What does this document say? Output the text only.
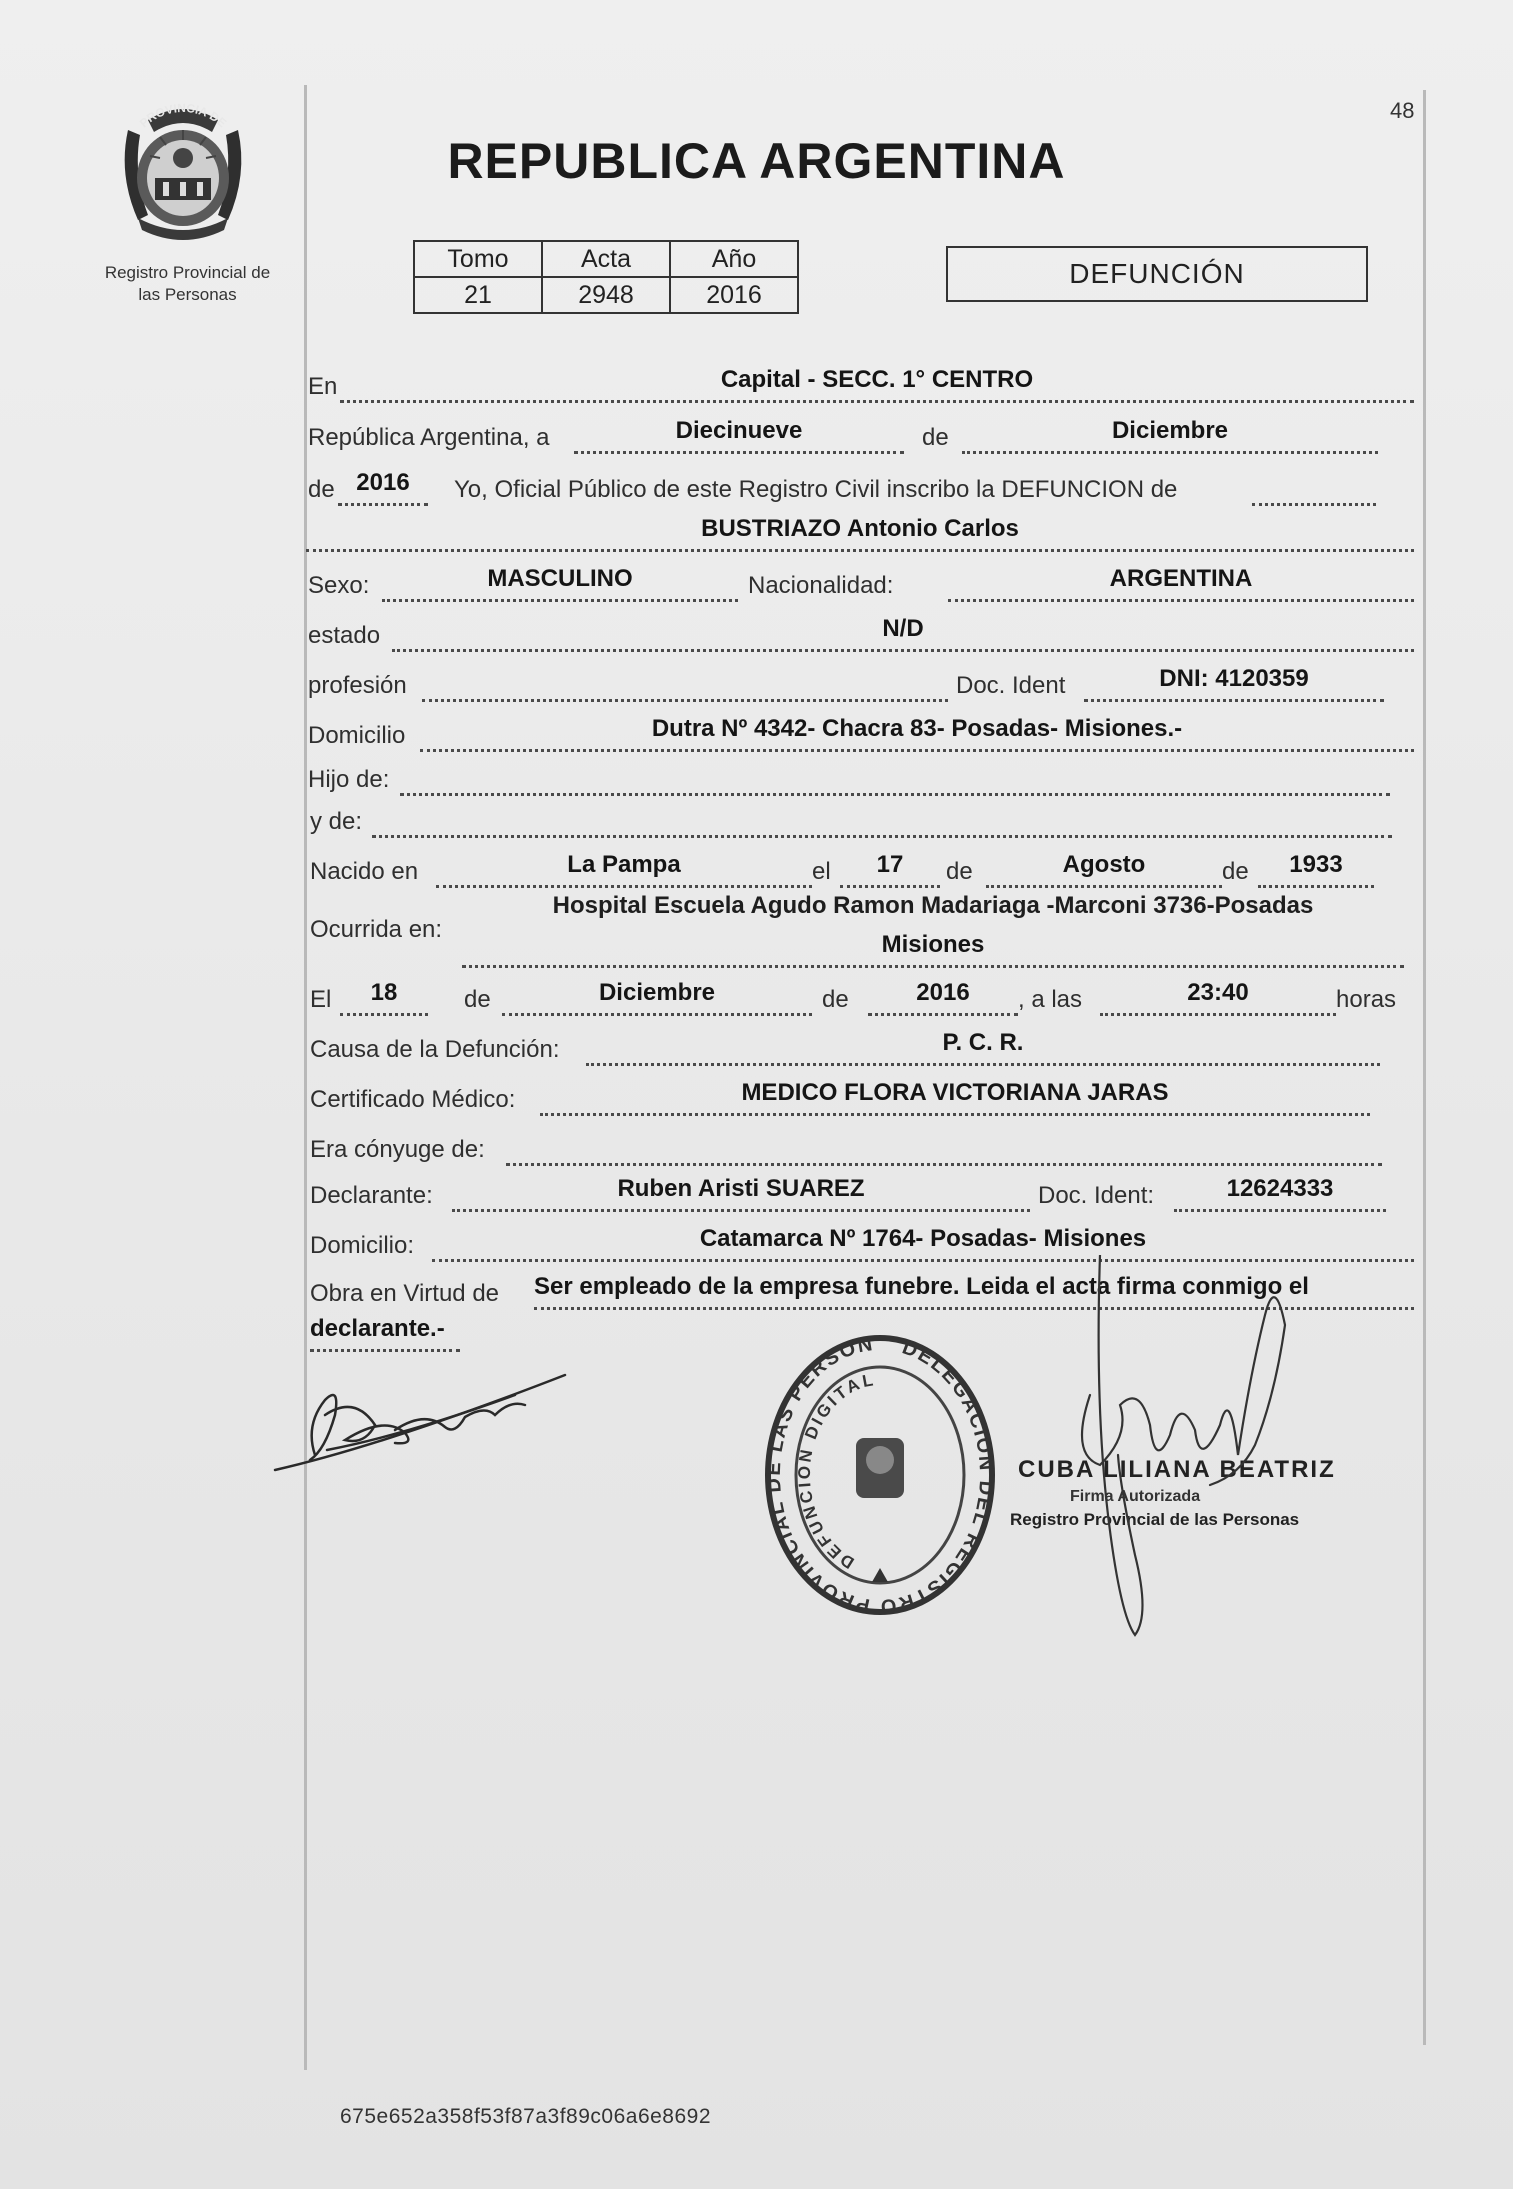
48
PROVINCIA DE
Registro Provincial de
las Personas
REPUBLICA ARGENTINA
Tomo	Acta	Año
21	2948	2016
DEFUNCIÓN
En	Capital - SECC. 1° CENTRO
República Argentina, a	Diecinueve	de	Diciembre
de 2016	Yo, Oficial Público de este Registro Civil inscribo la DEFUNCION de
BUSTRIAZO Antonio Carlos
Sexo:	MASCULINO	Nacionalidad:	ARGENTINA
estado	N/D
profesión	Doc. Ident	DNI: 4120359
Domicilio	Dutra Nº 4342- Chacra 83- Posadas- Misiones.-
Hijo de:
y de:
Nacido en	La Pampa	el	17	de	Agosto	de	1933
Ocurrida en:
Hospital Escuela Agudo Ramon Madariaga -Marconi 3736-Posadas
Misiones
El	18	de	Diciembre	de	2016	, a las	23:40	horas
Causa de la Defunción:	P. C. R.
Certificado Médico:	MEDICO FLORA VICTORIANA JARAS
Era cónyuge de:
Declarante:	Ruben Aristi SUAREZ	Doc. Ident:	12624333
Domicilio:	Catamarca Nº 1764- Posadas- Misiones
Obra en Virtud de Ser empleado de la empresa funebre. Leida el acta firma conmigo el
declarante.-
DELEGACION DEL REGISTRO PROVINCIAL DE LAS PERSON
DEFUNCION DIGITAL
CUBA LILIANA BEATRIZ
Firma Autorizada
Registro Provincial de las Personas
675e652a358f53f87a3f89c06a6e8692
